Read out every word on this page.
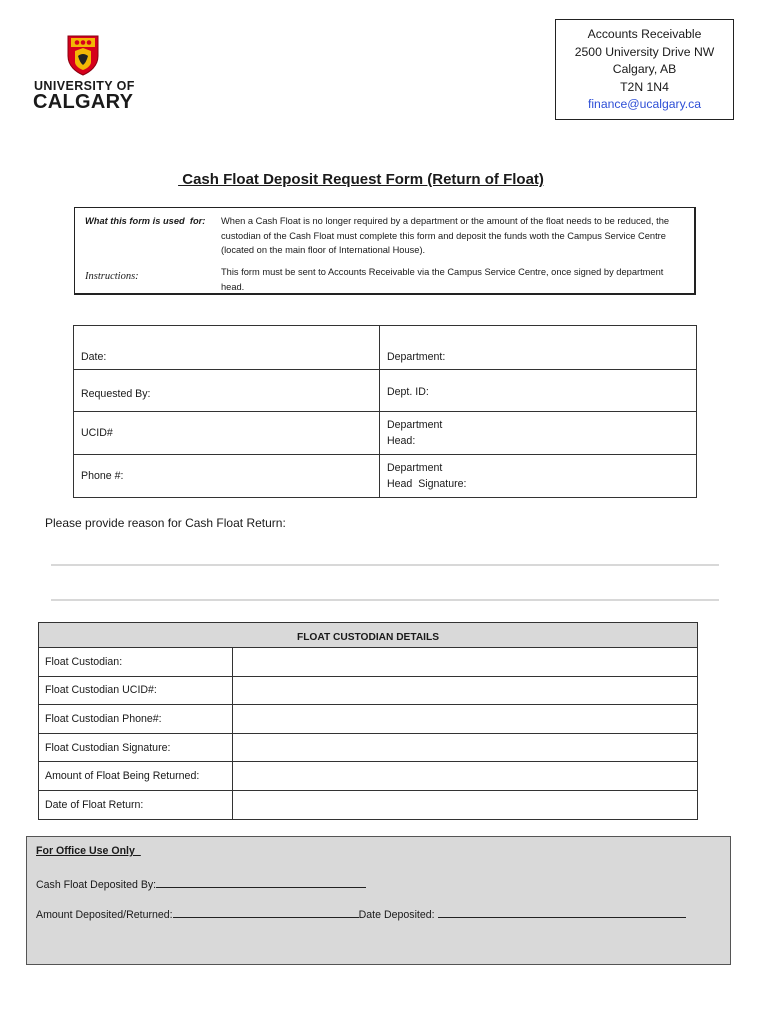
UNIVERSITY OF
CALGARY
Accounts Receivable
2500 University Drive NW
Calgary, AB
T2N 1N4
finance@ucalgary.ca
Cash Float Deposit Request Form (Return of Float)
What this form is used  for: When a Cash Float is no longer required by a department or the amount of the float needs to be reduced, the custodian of the Cash Float must complete this form and deposit the funds woth the Campus Service Centre (located on the main floor of International House).
Instructions:	This form must be sent to Accounts Receivable via the Campus Service Centre, once signed by department head.
Date:	Department:
Requested By:	Dept. ID:
UCID#	Department
Head:

Phone #:	Department
Head  Signature:
Please provide reason for Cash Float Return:
FLOAT CUSTODIAN DETAILS	
Float Custodian:	
Float Custodian UCID#:	
Float Custodian Phone#:	
Float Custodian Signature:	
Amount of Float Being Returned:	
Date of Float Return:	
For Office Use Only
Cash Float Deposited By:
Amount Deposited/Returned:	Date Deposited:
